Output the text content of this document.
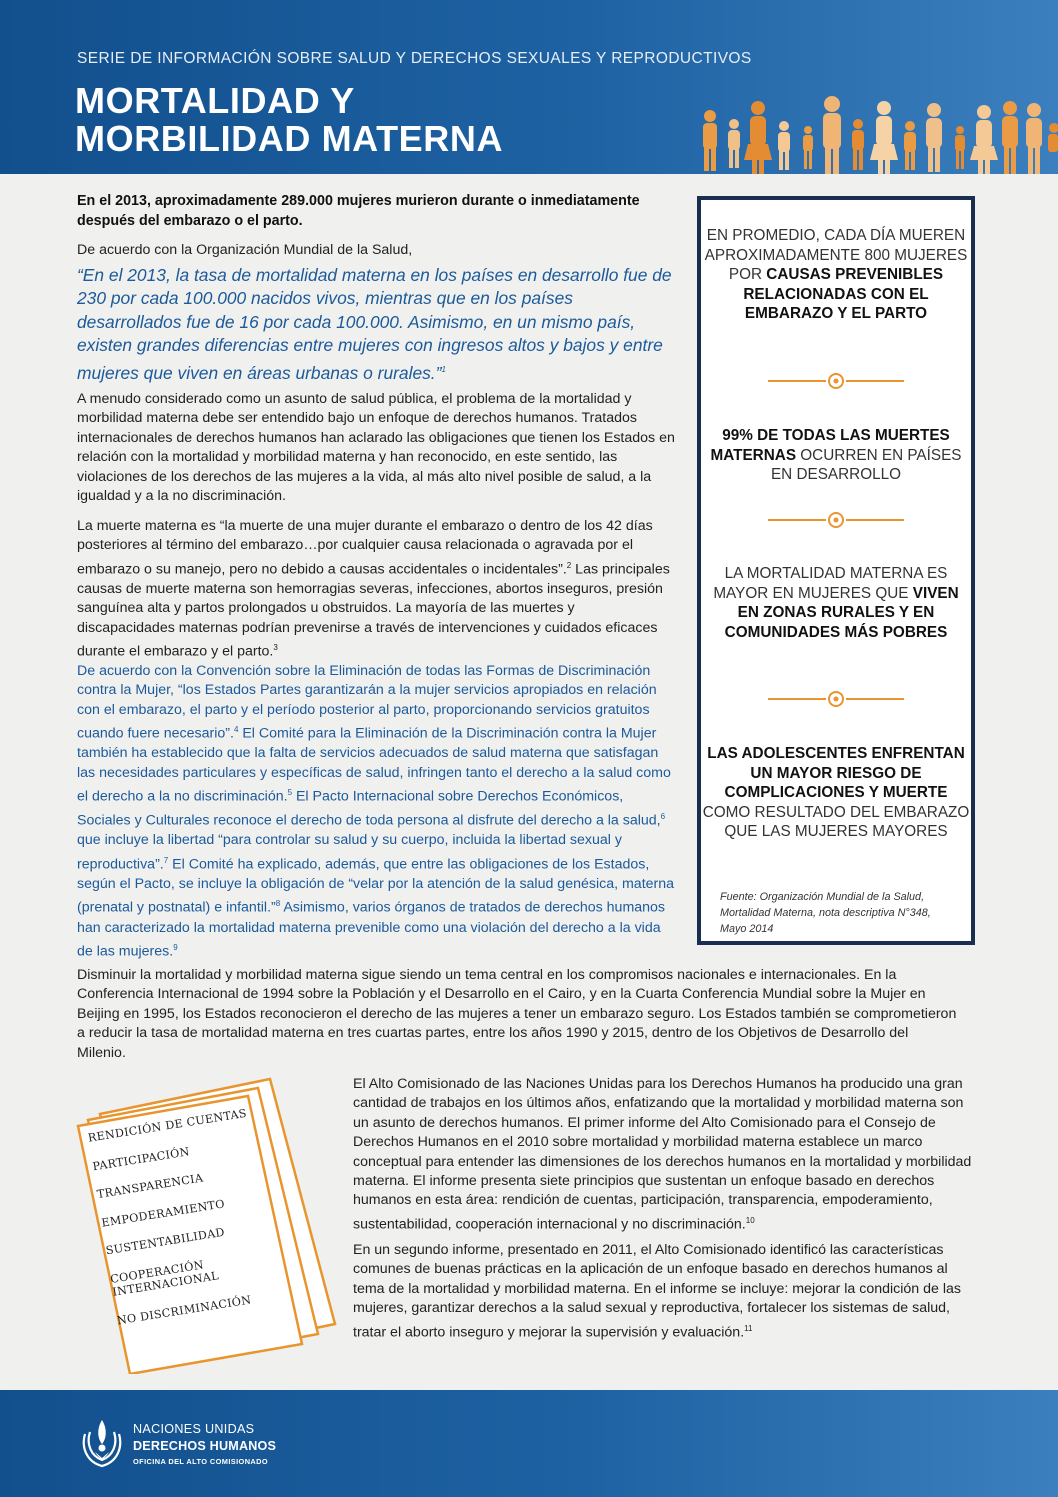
SERIE DE INFORMACIÓN SOBRE SALUD Y DERECHOS SEXUALES Y REPRODUCTIVOS
MORTALIDAD Y
MORBILIDAD MATERNA

En el 2013, aproximadamente 289.000 mujeres murieron durante o inmediatamente después del embarazo o el parto.

De acuerdo con la Organización Mundial de la Salud,

“En el 2013, la tasa de mortalidad materna en los países en desarrollo fue de 230 por cada 100.000 nacidos vivos, mientras que en los países desarrollados fue de 16 por cada 100.000. Asimismo, en un mismo país, existen grandes diferencias entre mujeres con ingresos altos y bajos y entre mujeres que viven en áreas urbanas o rurales.”$^1$

A menudo considerado como un asunto de salud pública, el problema de la mortalidad y morbilidad materna debe ser entendido bajo un enfoque de derechos humanos. Tratados internacionales de derechos humanos han aclarado las obligaciones que tienen los Estados en relación con la mortalidad y morbilidad materna y han reconocido, en este sentido, las violaciones de los derechos de las mujeres a la vida, al más alto nivel posible de salud, a la igualdad y a la no discriminación.

La muerte materna es “la muerte de una mujer durante el embarazo o dentro de los 42 días posteriores al término del embarazo…por cualquier causa relacionada o agravada por el embarazo o su manejo, pero no debido a causas accidentales o incidentales”.$^2$ Las principales causas de muerte materna son hemorragias severas, infecciones, abortos inseguros, presión sanguínea alta y partos prolongados u obstruidos. La mayoría de las muertes y discapacidades maternas podrían prevenirse a través de intervenciones y cuidados eficaces durante el embarazo y el parto.$^3$

De acuerdo con la Convención sobre la Eliminación de todas las Formas de Discriminación contra la Mujer, “los Estados Partes garantizarán a la mujer servicios apropiados en relación con el embarazo, el parto y el período posterior al parto, proporcionando servicios gratuitos cuando fuere necesario”.$^4$ El Comité para la Eliminación de la Discriminación contra la Mujer también ha establecido que la falta de servicios adecuados de salud materna que satisfagan las necesidades particulares y específicas de salud, infringen tanto el derecho a la salud como el derecho a la no discriminación.$^5$ El Pacto Internacional sobre Derechos Económicos, Sociales y Culturales reconoce el derecho de toda persona al disfrute del derecho a la salud,$^6$ que incluye la libertad “para controlar su salud y su cuerpo, incluida la libertad sexual y reproductiva”.$^7$ El Comité ha explicado, además, que entre las obligaciones de los Estados, según el Pacto, se incluye la obligación de “velar por la atención de la salud genésica, materna (prenatal y postnatal) e infantil.”$^8$ Asimismo, varios órganos de tratados de derechos humanos han caracterizado la mortalidad materna prevenible como una violación del derecho a la vida de las mujeres.$^9$

EN PROMEDIO, CADA DÍA MUEREN APROXIMADAMENTE 800 MUJERES POR CAUSAS PREVENIBLES RELACIONADAS CON EL EMBARAZO Y EL PARTO
99% DE TODAS LAS MUERTES MATERNAS OCURREN EN PAÍSES EN DESARROLLO
LA MORTALIDAD MATERNA ES MAYOR EN MUJERES QUE VIVEN EN ZONAS RURALES Y EN COMUNIDADES MÁS POBRES
LAS ADOLESCENTES ENFRENTAN UN MAYOR RIESGO DE COMPLICACIONES Y MUERTE COMO RESULTADO DEL EMBARAZO QUE LAS MUJERES MAYORES
Fuente: Organización Mundial de la Salud, Mortalidad Materna, nota descriptiva N°348, Mayo 2014

Disminuir la mortalidad y morbilidad materna sigue siendo un tema central en los compromisos nacionales e internacionales. En la Conferencia Internacional de 1994 sobre la Población y el Desarrollo en el Cairo, y en la Cuarta Conferencia Mundial sobre la Mujer en Beijing en 1995, los Estados reconocieron el derecho de las mujeres a tener un embarazo seguro. Los Estados también se comprometieron a reducir la tasa de mortalidad materna en tres cuartas partes, entre los años 1990 y 2015, dentro de los Objetivos de Desarrollo del Milenio.

RENDICIÓN DE CUENTAS
PARTICIPACIÓN
TRANSPARENCIA
EMPODERAMIENTO
SUSTENTABILIDAD
COOPERACIÓN INTERNACIONAL
NO DISCRIMINACIÓN

El Alto Comisionado de las Naciones Unidas para los Derechos Humanos ha producido una gran cantidad de trabajos en los últimos años, enfatizando que la mortalidad y morbilidad materna son un asunto de derechos humanos. El primer informe del Alto Comisionado para el Consejo de Derechos Humanos en el 2010 sobre mortalidad y morbilidad materna establece un marco conceptual para entender las dimensiones de los derechos humanos en la mortalidad y morbilidad materna. El informe presenta siete principios que sustentan un enfoque basado en derechos humanos en esta área: rendición de cuentas, participación, transparencia, empoderamiento, sustentabilidad, cooperación internacional y no discriminación.$^{10}$

En un segundo informe, presentado en 2011, el Alto Comisionado identificó las características comunes de buenas prácticas en la aplicación de un enfoque basado en derechos humanos al tema de la mortalidad y morbilidad materna. En el informe se incluye: mejorar la condición de las mujeres, garantizar derechos a la salud sexual y reproductiva, fortalecer los sistemas de salud, tratar el aborto inseguro y mejorar la supervisión y evaluación.$^{11}$

NACIONES UNIDAS
DERECHOS HUMANOS
OFICINA DEL ALTO COMISIONADO
